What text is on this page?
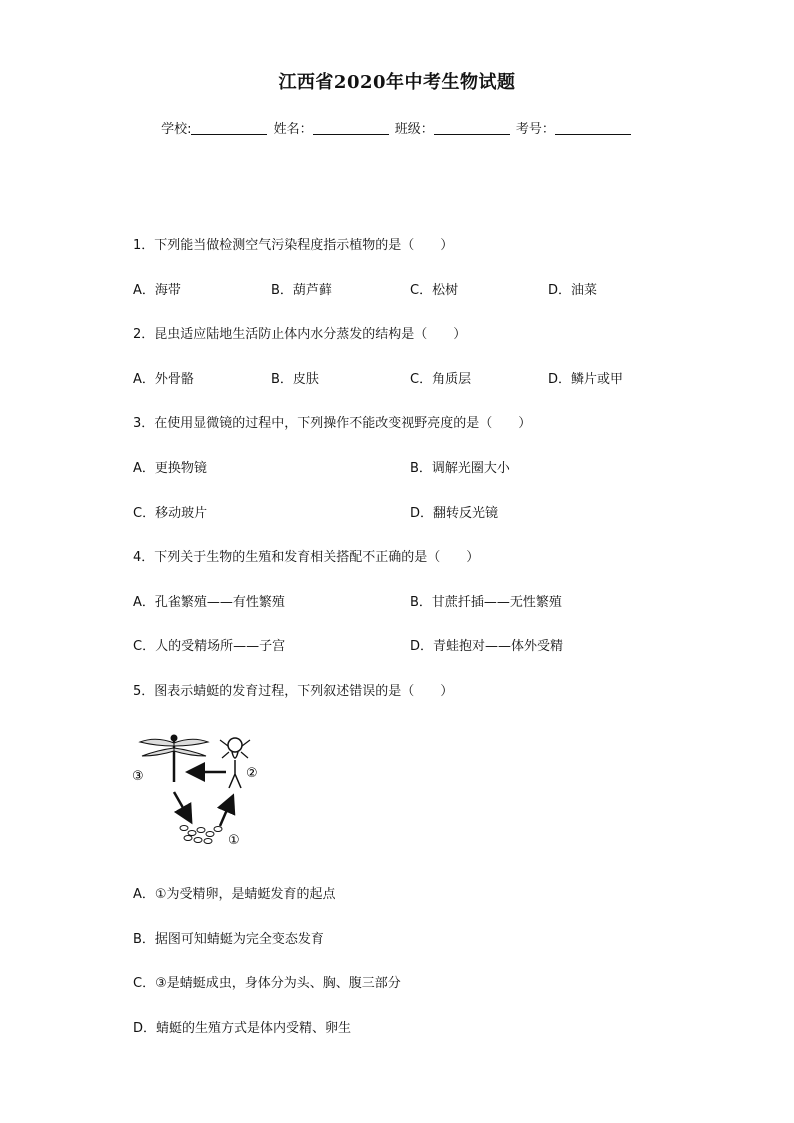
江西省2020年中考生物试题
学校:	姓名：	班级：	考号：
1．下列能当做检测空气污染程度指示植物的是（　　）
A．海带	B．葫芦藓	C．松树	D．油菜
2．昆虫适应陆地生活防止体内水分蒸发的结构是（　　）
A．外骨骼	B．皮肤	C．角质层	D．鳞片或甲
3．在使用显微镜的过程中，下列操作不能改变视野亮度的是（　　）
A．更换物镜	B．调解光圈大小
C．移动玻片	D．翻转反光镜
4．下列关于生物的生殖和发育相关搭配不正确的是（　　）
A．孔雀繁殖——有性繁殖	B．甘蔗扦插——无性繁殖
C．人的受精场所——子宫	D．青蛙抱对——体外受精
5．图表示蜻蜓的发育过程，下列叙述错误的是（　　）
③	②
①
A．①为受精卵，是蜻蜓发育的起点
B．据图可知蜻蜓为完全变态发育
C．③是蜻蜓成虫，身体分为头、胸、腹三部分
D．蜻蜓的生殖方式是体内受精、卵生
